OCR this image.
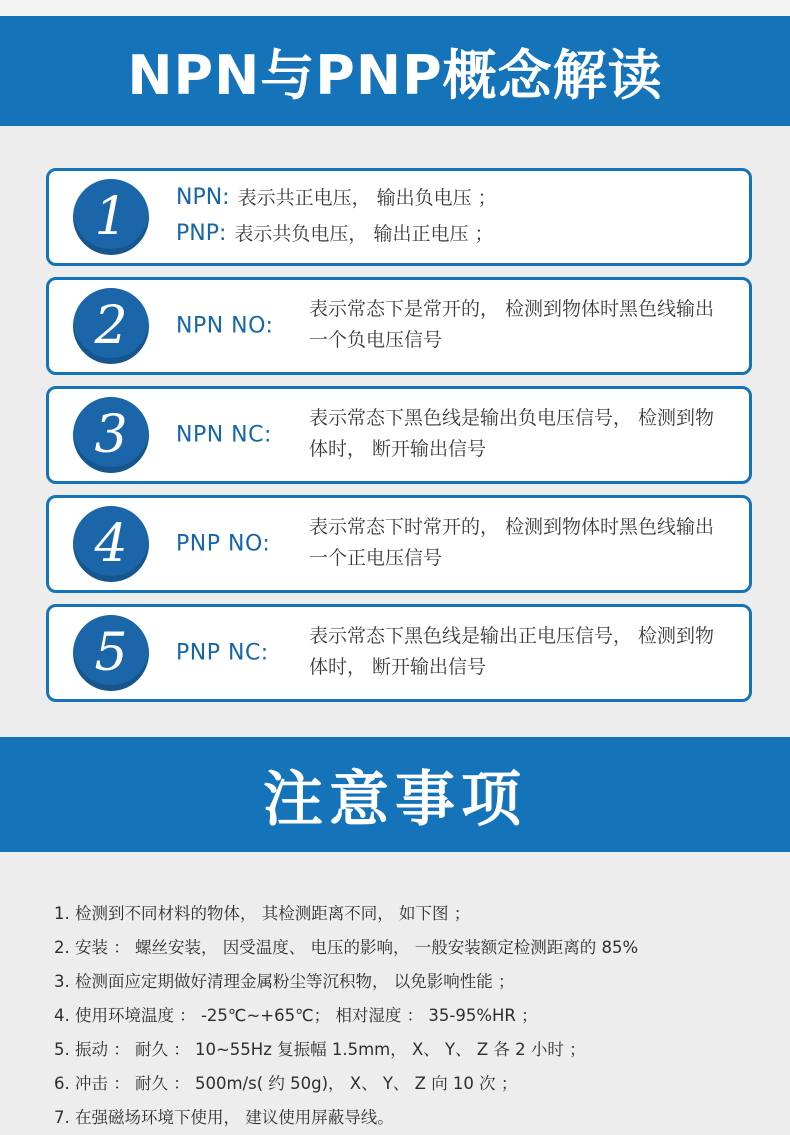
NPN与PNP概念解读
1	NPN: 表示共正电压， 输出负电压 ；
PNP: 表示共负电压， 输出正电压 ；
2	NPN NO:
表示常态下是常开的， 检测到物体时黑色线输出一个负电压信号
3	NPN NC:
表示常态下黑色线是输出负电压信号， 检测到物体时， 断开输出信号
4	PNP NO:
表示常态下时常开的， 检测到物体时黑色线输出一个正电压信号
5	PNP NC:
表示常态下黑色线是输出正电压信号， 检测到物体时， 断开输出信号
注意事项
1. 检测到不同材料的物体， 其检测距离不同， 如下图 ；
2. 安装 ： 螺丝安装， 因受温度、 电压的影响， 一般安装额定检测距离的 85%
3. 检测面应定期做好清理金属粉尘等沉积物， 以免影响性能 ；
4. 使用环境温度 ： -25℃~+65℃； 相对湿度 ： 35-95%HR ；
5. 振动 ： 耐久 ： 10~55Hz 复振幅 1.5mm， X、 Y、 Z 各 2 小时 ；
6. 冲击 ： 耐久 ： 500m/s( 约 50g)， X、 Y、 Z 向 10 次 ；
7. 在强磁场环境下使用， 建议使用屏蔽导线。
